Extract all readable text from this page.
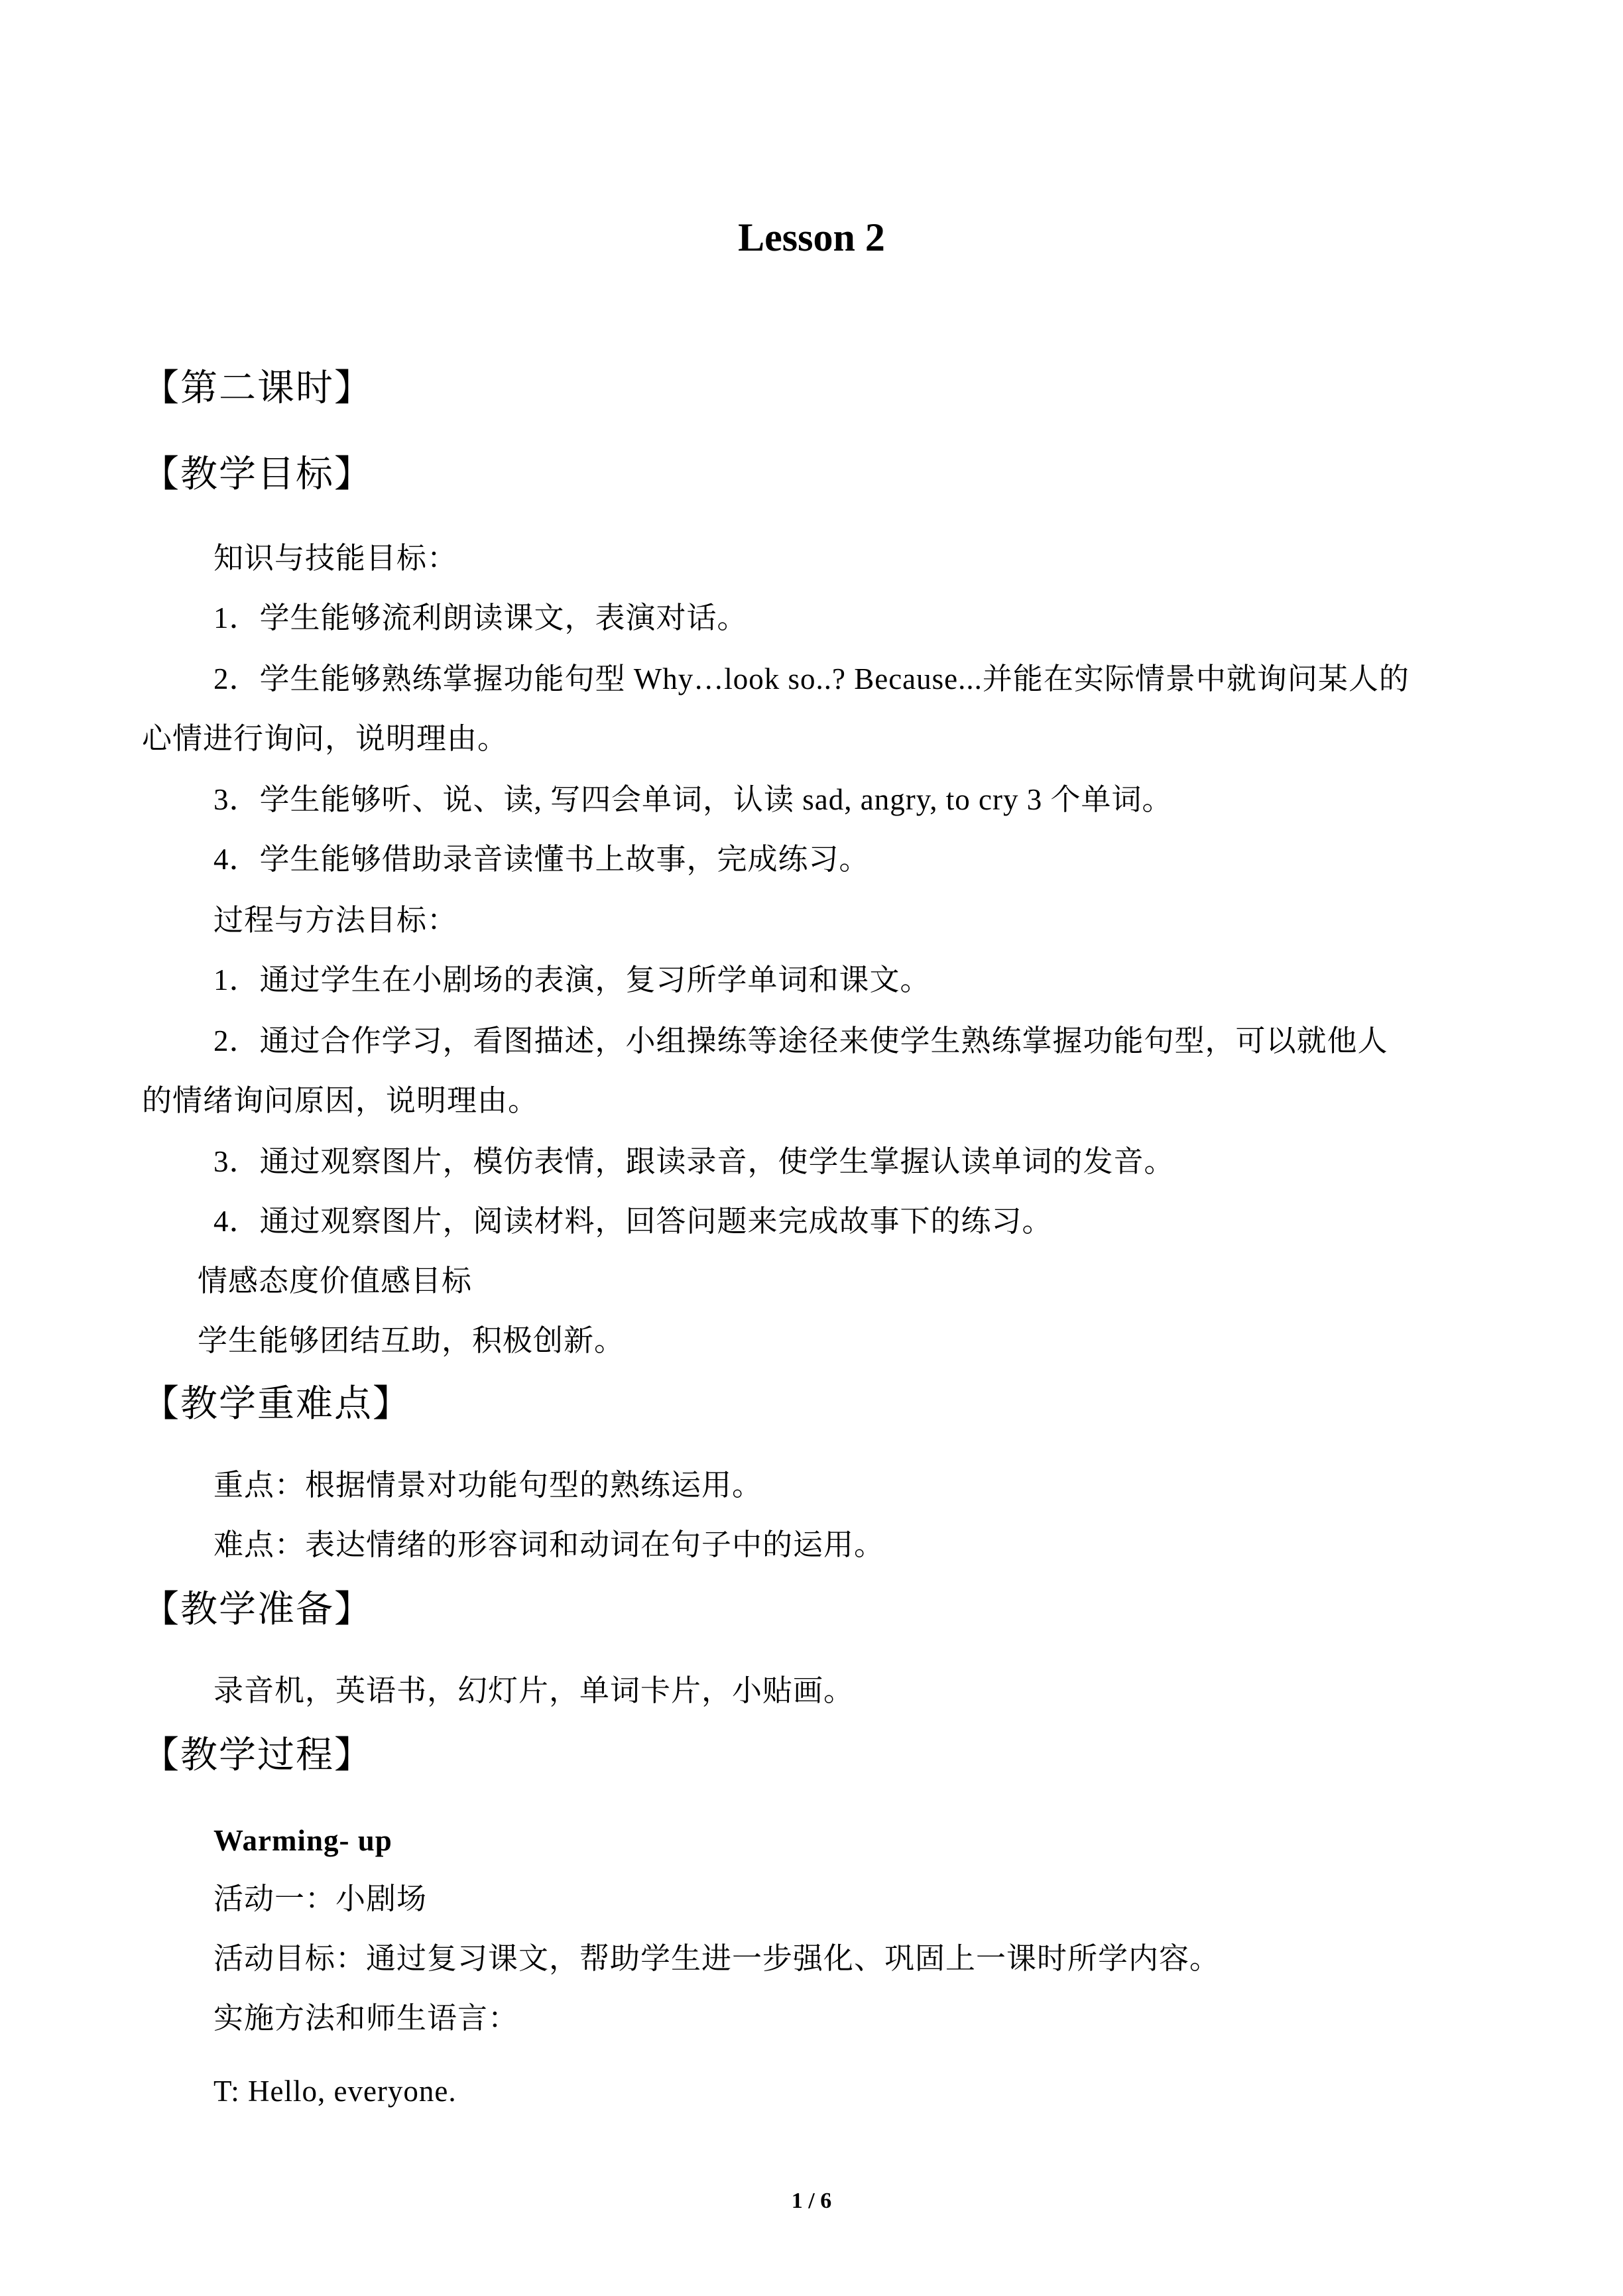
Lesson 2
【第二课时】
【教学目标】
知识与技能目标：
1．学生能够流利朗读课文，表演对话。
2．学生能够熟练掌握功能句型 Why…look so..? Because...并能在实际情景中就询问某人的
心情进行询问，说明理由。
3．学生能够听、说、读, 写四会单词，认读 sad, angry, to cry 3 个单词。
4．学生能够借助录音读懂书上故事，完成练习。
过程与方法目标：
1．通过学生在小剧场的表演，复习所学单词和课文。
2．通过合作学习，看图描述，小组操练等途径来使学生熟练掌握功能句型，可以就他人
的情绪询问原因，说明理由。
3．通过观察图片，模仿表情，跟读录音，使学生掌握认读单词的发音。
4．通过观察图片，阅读材料，回答问题来完成故事下的练习。
情感态度价值感目标
学生能够团结互助，积极创新。
【教学重难点】
重点：根据情景对功能句型的熟练运用。
难点：表达情绪的形容词和动词在句子中的运用。
【教学准备】
录音机，英语书，幻灯片，单词卡片，小贴画。
【教学过程】
Warming- up
活动一：小剧场
活动目标：通过复习课文，帮助学生进一步强化、巩固上一课时所学内容。
实施方法和师生语言：
T: Hello, everyone.
1 / 6
